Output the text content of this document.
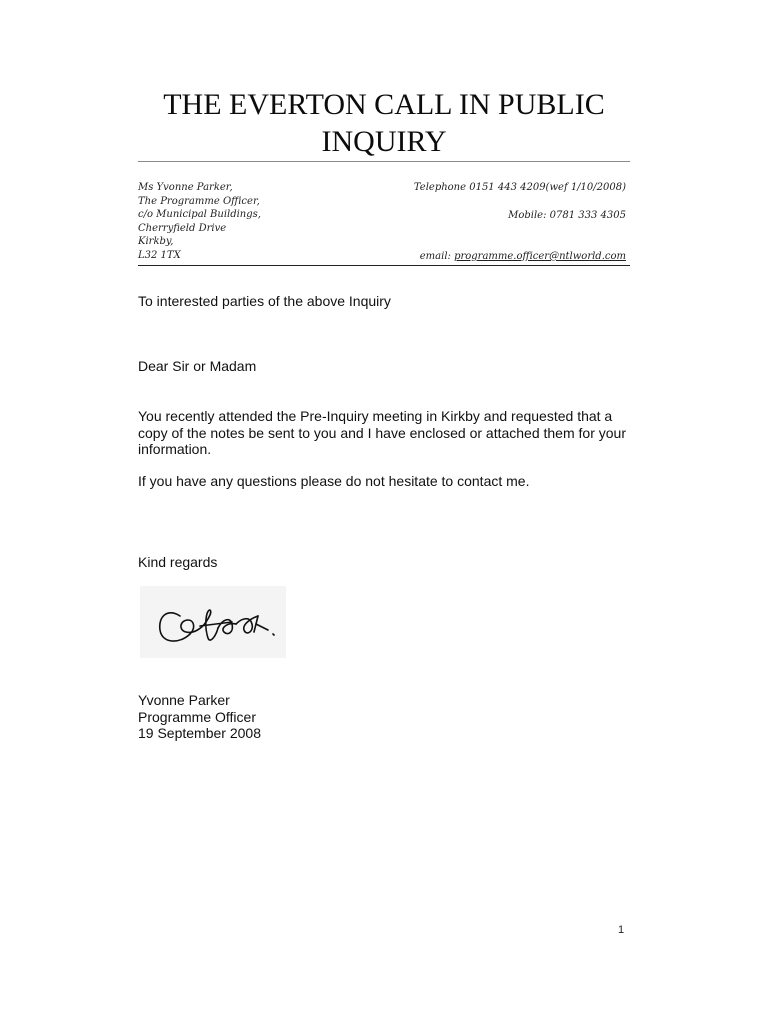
THE EVERTON CALL IN PUBLIC
INQUIRY
Ms Yvonne Parker,
The Programme Officer,
c/o Municipal Buildings,
Cherryfield Drive
Kirkby,
L32 1TX
Telephone 0151 443 4209(wef 1/10/2008)
Mobile: 0781 333 4305
email: programme.officer@ntlworld.com
To interested parties of the above Inquiry
Dear Sir or Madam
You recently attended the Pre-Inquiry meeting in Kirkby and requested that a copy of the notes be sent to you and I have enclosed or attached them for your information.
If you have any questions please do not hesitate to contact me.
Kind regards
Yvonne Parker
Programme Officer
19 September 2008
1
